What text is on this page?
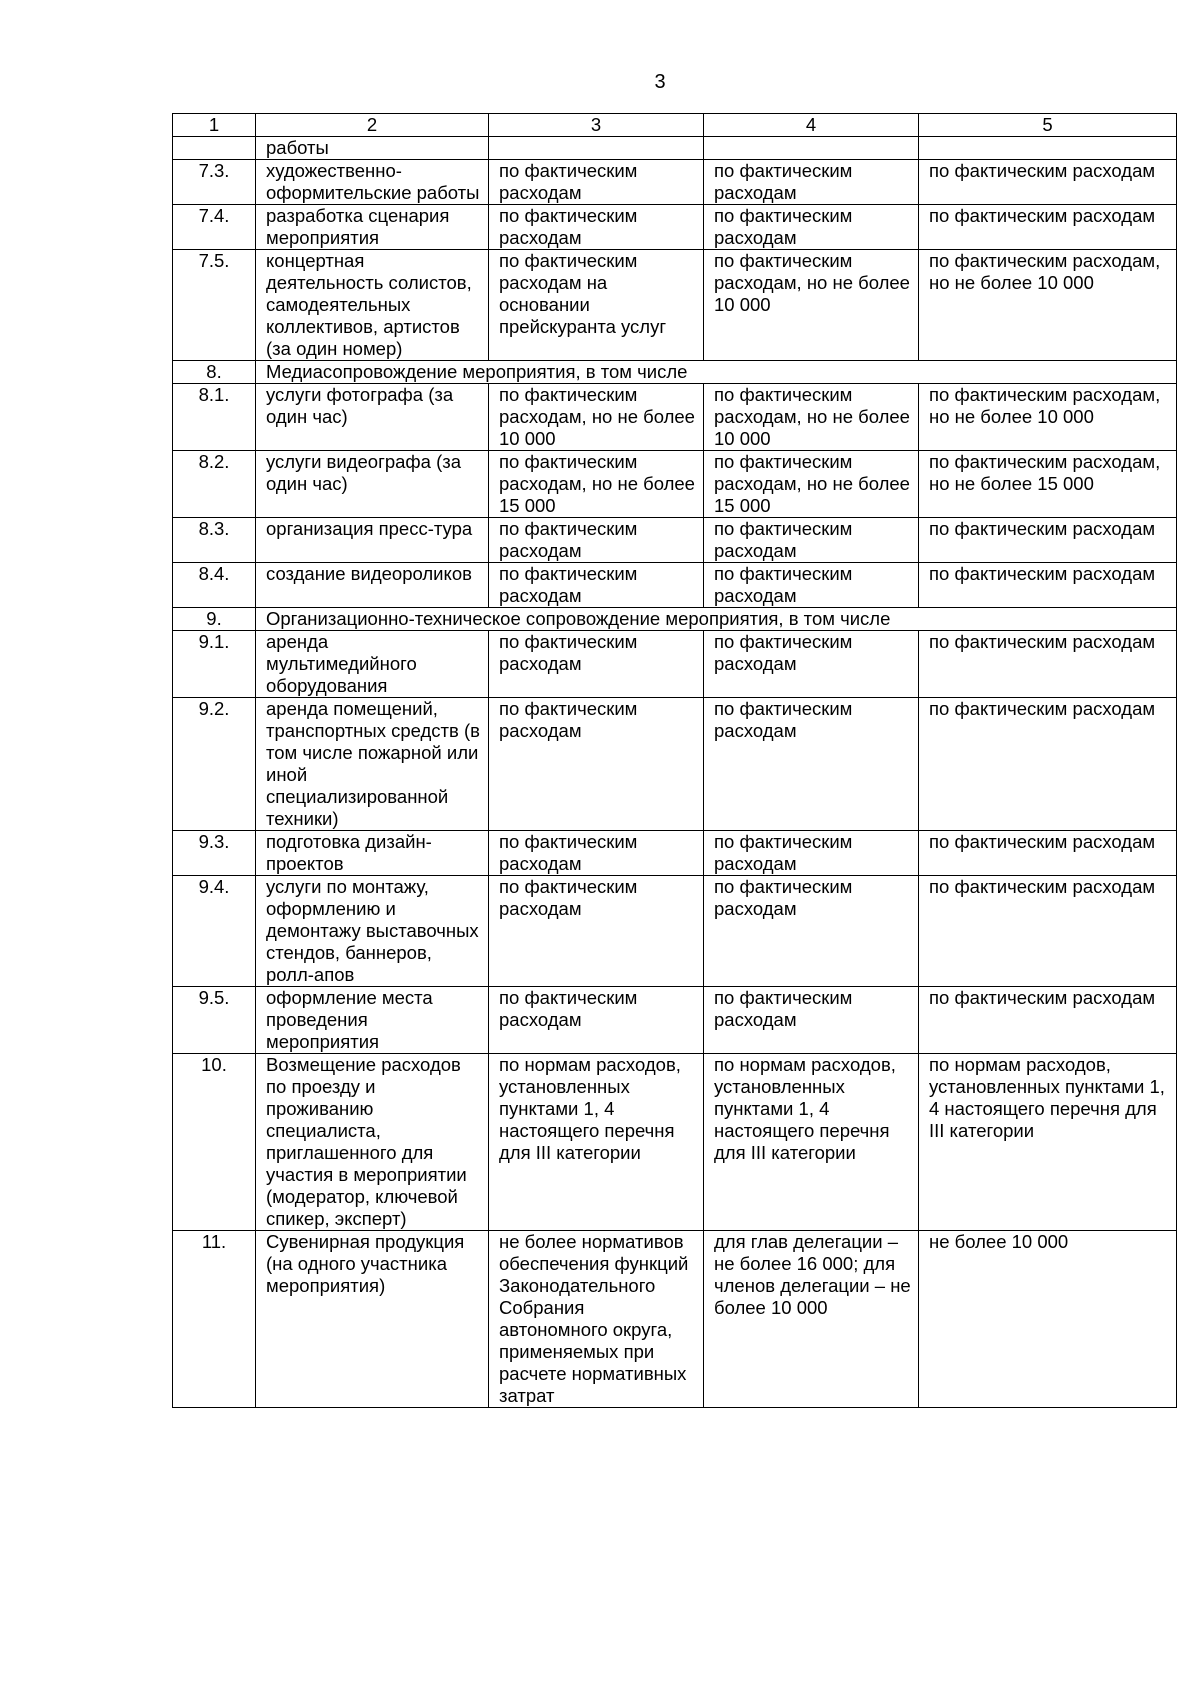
3
1	2	3	4	5
	работы			
7.3.	художественно-оформительские работы	по фактическим расходам	по фактическим расходам	по фактическим расходам
7.4.	разработка сценария мероприятия	по фактическим расходам	по фактическим расходам	по фактическим расходам
7.5.	концертная деятельность солистов, самодеятельных коллективов, артистов (за один номер)	по фактическим расходам на основании прейскуранта услуг	по фактическим расходам, но не более 10 000	по фактическим расходам, но не более 10 000
8.	Медиасопровождение мероприятия, в том числе			
8.1.	услуги фотографа (за один час)	по фактическим расходам, но не более 10 000	по фактическим расходам, но не более 10 000	по фактическим расходам, но не более 10 000
8.2.	услуги видеографа (за один час)	по фактическим расходам, но не более 15 000	по фактическим расходам, но не более 15 000	по фактическим расходам, но не более 15 000
8.3.	организация пресс-тура	по фактическим расходам	по фактическим расходам	по фактическим расходам
8.4.	создание видеороликов	по фактическим расходам	по фактическим расходам	по фактическим расходам
9.	Организационно-техническое сопровождение мероприятия, в том числе			
9.1.	аренда мультимедийного оборудования	по фактическим расходам	по фактическим расходам	по фактическим расходам
9.2.	аренда помещений, транспортных средств (в том числе пожарной или иной специализированной техники)	по фактическим расходам	по фактическим расходам	по фактическим расходам
9.3.	подготовка дизайн-проектов	по фактическим расходам	по фактическим расходам	по фактическим расходам
9.4.	услуги по монтажу, оформлению и демонтажу выставочных стендов, баннеров, ролл-апов	по фактическим расходам	по фактическим расходам	по фактическим расходам
9.5.	оформление места проведения мероприятия	по фактическим расходам	по фактическим расходам	по фактическим расходам
10.	Возмещение расходов по проезду и проживанию специалиста, приглашенного для участия в мероприятии (модератор, ключевой спикер, эксперт)	по нормам расходов, установленных пунктами 1, 4 настоящего перечня для III категории	по нормам расходов, установленных пунктами 1, 4 настоящего перечня для III категории	по нормам расходов, установленных пунктами 1, 4 настоящего перечня для III категории
11.	Сувенирная продукция (на одного участника мероприятия)	не более нормативов обеспечения функций Законодательного Собрания автономного округа, применяемых при расчете нормативных затрат	для глав делегации – не более 16 000; для членов делегации – не более 10 000	не более 10 000
